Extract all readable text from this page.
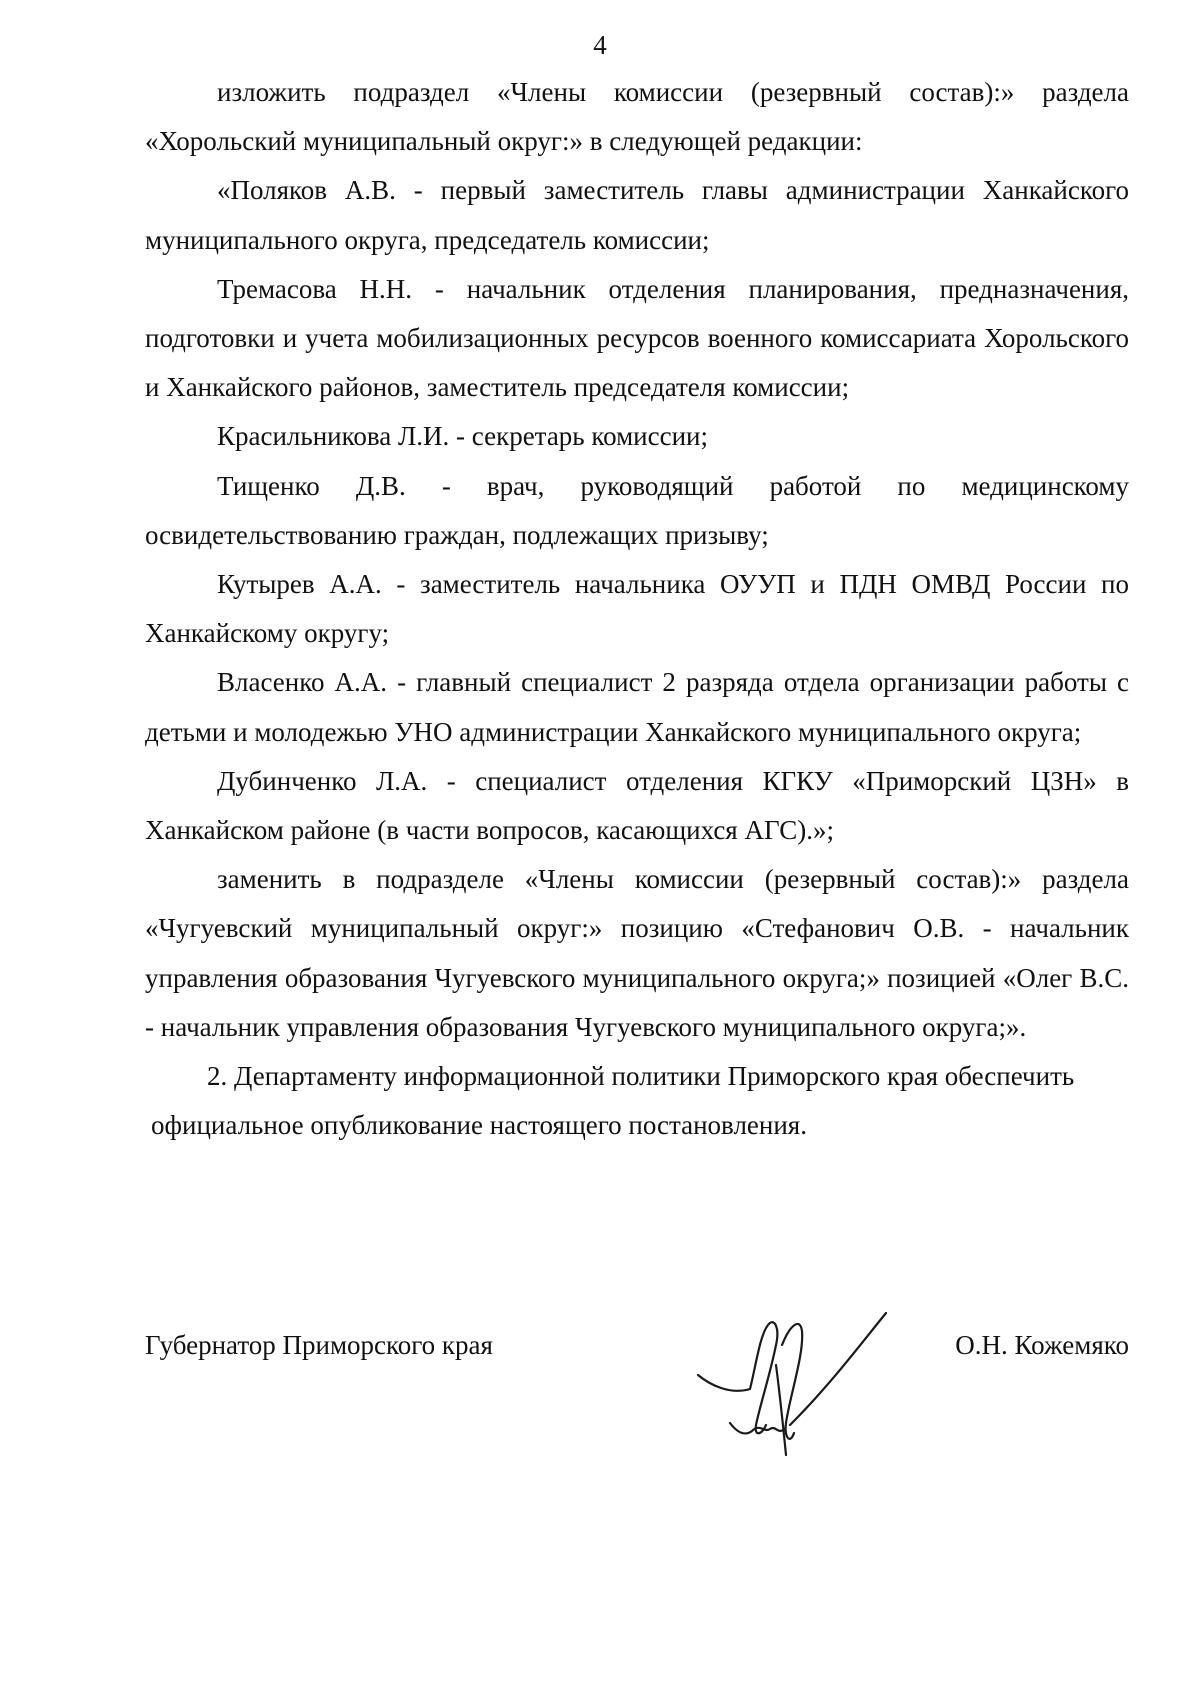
4

изложить подраздел «Члены комиссии (резервный состав):» раздела «Хорольский муниципальный округ:» в следующей редакции:

«Поляков А.В. - первый заместитель главы администрации Ханкайского муниципального округа, председатель комиссии;

Тремасова Н.Н. - начальник отделения планирования, предназначения, подготовки и учета мобилизационных ресурсов военного комиссариата Хорольского и Ханкайского районов, заместитель председателя комиссии;

Красильникова Л.И. - секретарь комиссии;

Тищенко Д.В. - врач, руководящий работой по медицинскому освидетельствованию граждан, подлежащих призыву;

Кутырев А.А. - заместитель начальника ОУУП и ПДН ОМВД России по Ханкайскому округу;

Власенко А.А. - главный специалист 2 разряда отдела организации работы с детьми и молодежью УНО администрации Ханкайского муниципального округа;

Дубинченко Л.А. - специалист отделения КГКУ «Приморский ЦЗН» в Ханкайском районе (в части вопросов, касающихся АГС).»;

заменить в подразделе «Члены комиссии (резервный состав):» раздела «Чугуевский муниципальный округ:» позицию «Стефанович О.В. - начальник управления образования Чугуевского муниципального округа;» позицией «Олег В.С. - начальник управления образования Чугуевского муниципального округа;».

2. Департаменту информационной политики Приморского края обеспечить
официальное опубликование настоящего постановления.

Губернатор Приморского края	О.Н. Кожемяко
